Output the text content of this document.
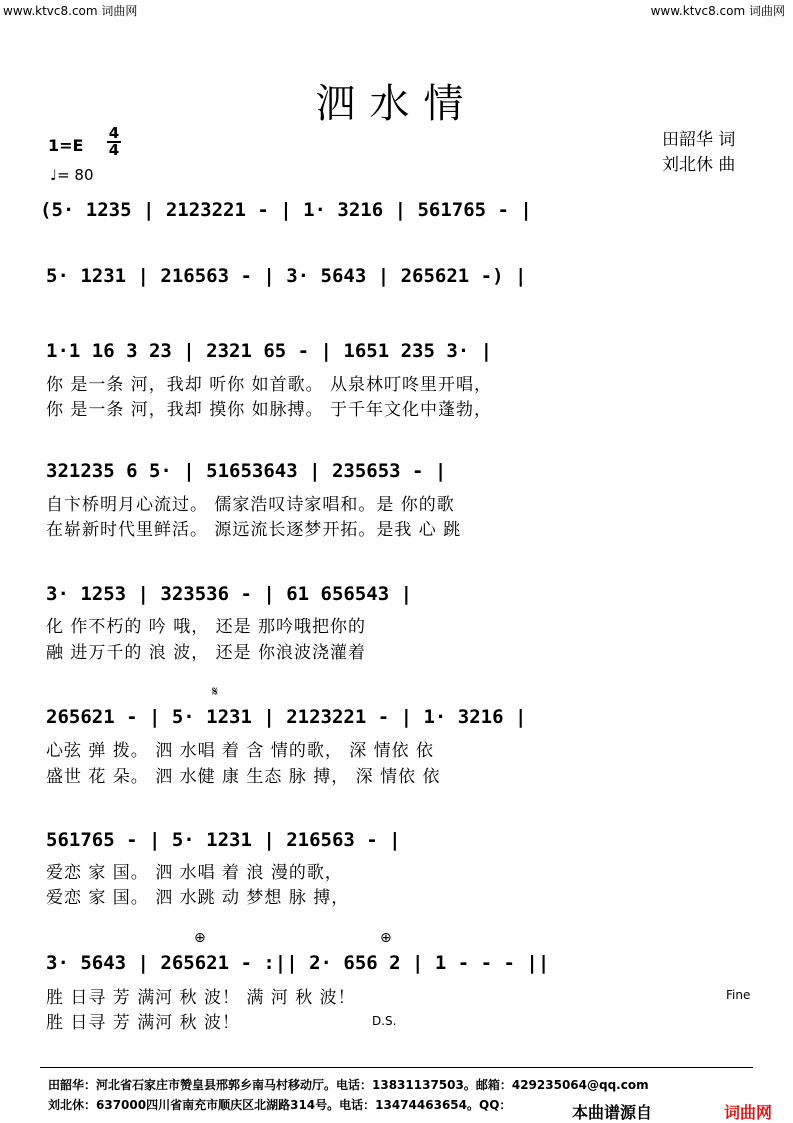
www.ktvc8.com 词曲网	www.ktvc8.com 词曲网
泗水情
1=E
4
4
♩= 80
田韶华 词
刘北休 曲
(5· 1235 | 2123221 - | 1· 3216 | 561765 - |
5· 1231 | 216563 - | 3· 5643 | 265621 -) |
1·1 16 3 23 | 2321 65 - | 1651 235 3· |
你 是一条 河，我却 听你 如首歌。 从泉林叮咚里开唱，
你 是一条 河，我却 摸你 如脉搏。 于千年文化中蓬勃，
321235 6 5· | 51653643 | 235653 - |
自卞桥明月心流过。 儒家浩叹诗家唱和。是 你的歌
在崭新时代里鲜活。 源远流长逐梦开拓。是我 心 跳
3· 1253 | 323536 - | 61 656543 |
化 作不朽的 吟 哦， 还是 那吟哦把你的
融 进万千的 浪 波， 还是 你浪波浇灌着
𝄋
265621 - | 5· 1231 | 2123221 - | 1· 3216 |
心弦 弹 拨。 泗 水唱 着 含 情的歌， 深 情依 依
盛世 花 朵。 泗 水健 康 生态 脉 搏， 深 情依 依
561765 - | 5· 1231 | 216563 - |
爱恋 家 国。 泗 水唱 着 浪 漫的歌，
爱恋 家 国。 泗 水跳 动 梦想 脉 搏，
⊕	⊕
3· 5643 | 265621 - :|| 2· 656 2 | 1 - - - ||
胜 日寻 芳 满河 秋 波！ 满 河 秋 波！
胜 日寻 芳 满河 秋 波！
Fine
D.S.
田韶华：河北省石家庄市赞皇县邢郭乡南马村移动厅。电话：13831137503。邮箱：429235064@qq.com
刘北休：637000四川省南充市顺庆区北湖路314号。电话：13474463654。QQ：	本曲谱源自	词曲网
